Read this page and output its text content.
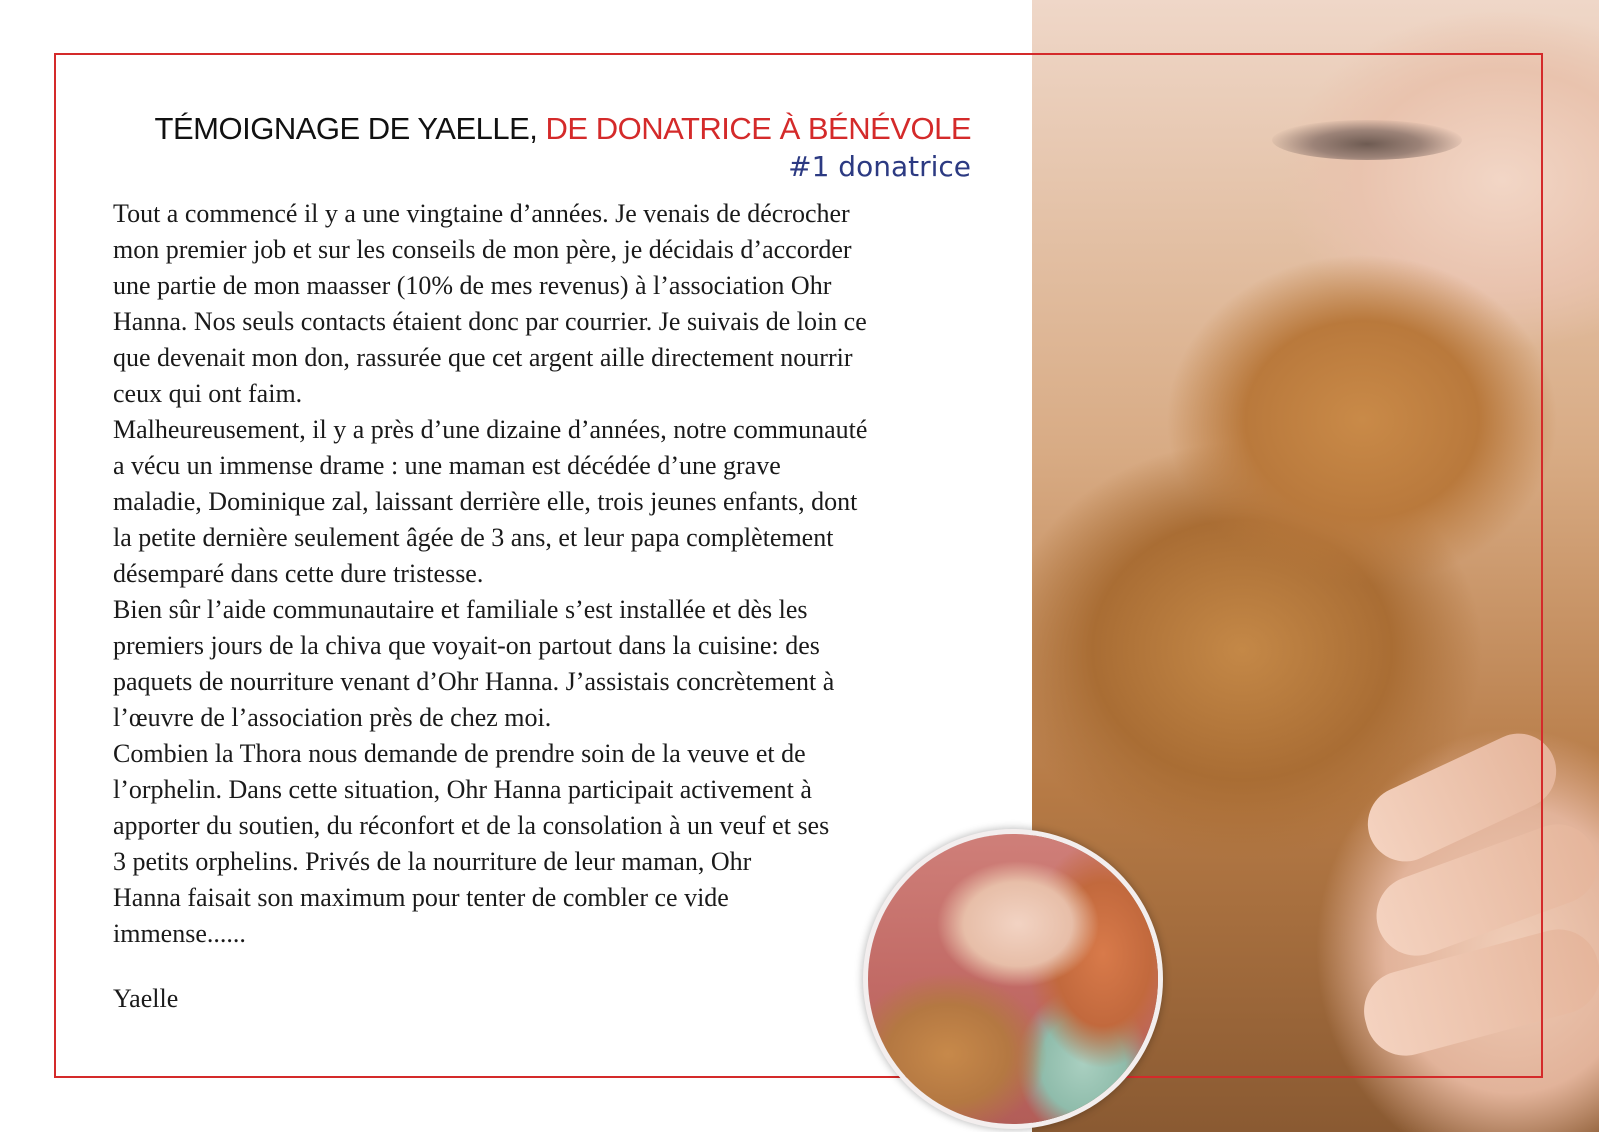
TÉMOIGNAGE DE YAELLE, DE DONATRICE À BÉNÉVOLE
#1 donatrice
Tout a commencé il y a une vingtaine d’années. Je venais de décrocher
mon premier job et sur les conseils de mon père, je décidais d’accorder
une partie de mon maasser (10% de mes revenus) à l’association Ohr
Hanna. Nos seuls contacts étaient donc par courrier. Je suivais de loin ce
que devenait mon don, rassurée que cet argent aille directement nourrir
ceux qui ont faim.
Malheureusement, il y a près d’une dizaine d’années, notre communauté
a vécu un immense drame : une maman est décédée d’une grave
maladie, Dominique zal, laissant derrière elle, trois jeunes enfants, dont
la petite dernière seulement âgée de 3 ans, et leur papa complètement
désemparé dans cette dure tristesse.
Bien sûr l’aide communautaire et familiale s’est installée et dès les
premiers jours de la chiva que voyait-on partout dans la cuisine: des
paquets de nourriture venant d’Ohr Hanna. J’assistais concrètement à
l’œuvre de l’association près de chez moi.
Combien la Thora nous demande de prendre soin de la veuve et de
l’orphelin. Dans cette situation, Ohr Hanna participait activement à
apporter du soutien, du réconfort et de la consolation à un veuf et ses
3 petits orphelins. Privés de la nourriture de leur maman, Ohr
Hanna faisait son maximum pour tenter de combler ce vide
immense......
Yaelle
